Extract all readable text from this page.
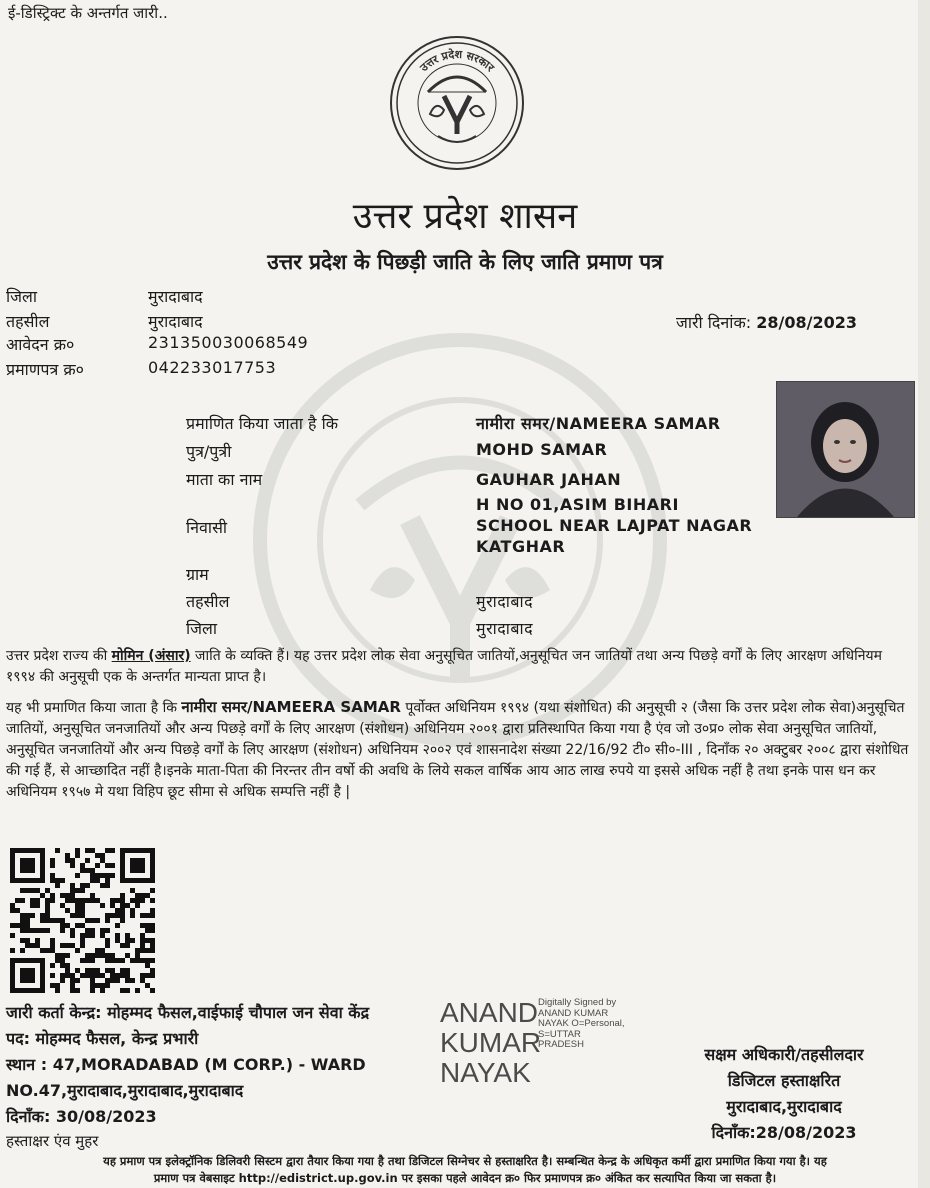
ई-डिस्ट्रिक्ट के अन्तर्गत जारी..
उत्तर प्रदेश सरकार
उत्तर प्रदेश शासन
उत्तर प्रदेश के पिछड़ी जाति के लिए जाति प्रमाण पत्र
जिला	मुरादाबाद
तहसील	मुरादाबाद
आवेदन क्र०	231350030068549
प्रमाणपत्र क्र०	042233017753
जारी दिनांक: 28/08/2023
प्रमाणित किया जाता है कि	नामीरा समर/NAMEERA SAMAR
पुत्र/पुत्री	MOHD SAMAR
माता का नाम	GAUHAR JAHAN
H NO 01,ASIM BIHARI
निवासी	SCHOOL NEAR LAJPAT NAGAR
KATGHAR
ग्राम
तहसील	मुरादाबाद
जिला	मुरादाबाद
उत्तर प्रदेश राज्य की मोमिन (अंसार) जाति के व्यक्ति हैं। यह उत्तर प्रदेश लोक सेवा अनुसूचित जातियों,अनुसूचित जन जातियों तथा अन्य पिछड़े वर्गों के लिए आरक्षण अधिनियम १९९४ की अनुसूची एक के अन्तर्गत मान्यता प्राप्त है।
यह भी प्रमाणित किया जाता है कि नामीरा समर/NAMEERA SAMAR पूर्वोक्त अधिनियम १९९४ (यथा संशोधित) की अनुसूची २ (जैसा कि उत्तर प्रदेश लोक सेवा)अनुसूचित जातियों, अनुसूचित जनजातियों और अन्य पिछड़े वर्गों के लिए आरक्षण (संशोधन) अधिनियम २००१ द्वारा प्रतिस्थापित किया गया है एंव जो उ०प्र० लोक सेवा अनुसूचित जातियों, अनुसूचित जनजातियों और अन्य पिछड़े वर्गों के लिए आरक्षण (संशोधन) अधिनियम २००२ एवं शासनादेश संख्या 22/16/92 टी० सी०-III , दिनाँक २० अक्टुबर २००८ द्वारा संशोधित की गई हैं, से आच्छादित नहीं है।इनके माता-पिता की निरन्तर तीन वर्षो की अवधि के लिये सकल वार्षिक आय आठ लाख रुपये या इससे अधिक नहीं है तथा इनके पास धन कर अधिनियम १९५७ मे यथा विहिप छूट सीमा से अधिक सम्पत्ति नहीं है |
जारी कर्ता केन्द्र: मोहम्मद फैसल,वाईफाई चौपाल जन सेवा केंद्र
पद: मोहम्मद फैसल, केन्द्र प्रभारी
स्थान : 47,MORADABAD (M CORP.) - WARD
NO.47,मुरादाबाद,मुरादाबाद,मुरादाबाद
दिनाँक: 30/08/2023
हस्ताक्षर एंव मुहर
ANAND
KUMAR
NAYAK
Digitally Signed by
ANAND KUMAR
NAYAK O=Personal,
S=UTTAR
PRADESH
सक्षम अधिकारी/तहसीलदार
डिजिटल हस्ताक्षरित
मुरादाबाद,मुरादाबाद
दिनाँक:28/08/2023
यह प्रमाण पत्र इलेक्ट्रॉनिक डिलिवरी सिस्टम द्वारा तैयार किया गया है तथा डिजिटल सिग्नेचर से हस्ताक्षरित है। सम्बन्धित केन्द्र के अधिकृत कर्मी द्वारा प्रमाणित किया गया है। यह
प्रमाण पत्र वेबसाइट http://edistrict.up.gov.in पर इसका पहले आवेदन क्र० फिर प्रमाणपत्र क्र० अंकित कर सत्यापित किया जा सकता है।
